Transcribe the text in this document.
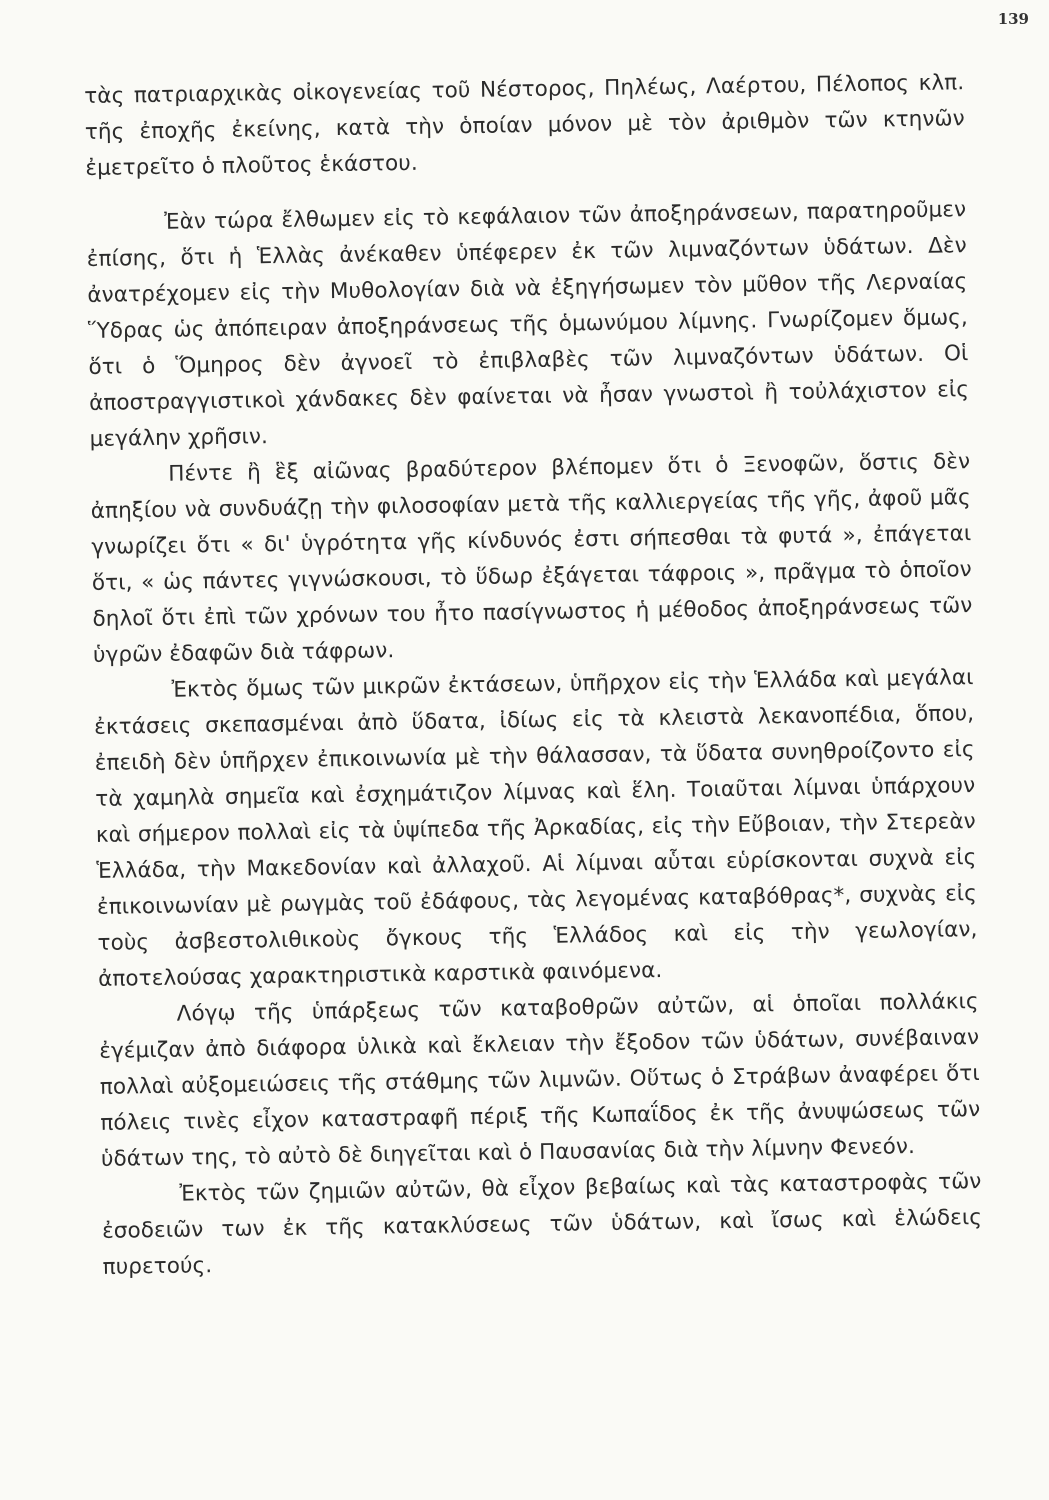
139

τὰς πατριαρχικὰς οἰκογενείας τοῦ Νέστορος, Πηλέως, Λαέρτου, Πέλοπος κλπ. τῆς ἐποχῆς ἐκείνης, κατὰ τὴν ὁποίαν μόνον μὲ τὸν ἀριθμὸν τῶν κτηνῶν ἐμετρεῖτο ὁ πλοῦτος ἑκάστου.

Ἐὰν τώρα ἔλθωμεν εἰς τὸ κεφάλαιον τῶν ἀποξηράνσεων, παρατηροῦμεν ἐπίσης, ὅτι ἡ Ἑλλὰς ἀνέκαθεν ὑπέφερεν ἐκ τῶν λιμναζόντων ὑδάτων. Δὲν ἀνατρέχομεν εἰς τὴν Μυθολογίαν διὰ νὰ ἐξηγήσωμεν τὸν μῦθον τῆς Λερναίας Ὕδρας ὡς ἀπόπειραν ἀποξηράνσεως τῆς ὁμωνύμου λίμνης. Γνωρίζομεν ὅμως, ὅτι ὁ Ὅμηρος δὲν ἀγνοεῖ τὸ ἐπιβλαβὲς τῶν λιμναζόντων ὑδάτων. Οἱ ἀποστραγγιστικοὶ χάνδακες δὲν φαίνεται νὰ ἦσαν γνωστοὶ ἢ τοὐλάχιστον εἰς μεγάλην χρῆσιν.

Πέντε ἢ ἓξ αἰῶνας βραδύτερον βλέπομεν ὅτι ὁ Ξενοφῶν, ὅστις δὲν ἀπηξίου νὰ συνδυάζῃ τὴν φιλοσοφίαν μετὰ τῆς καλλιεργείας τῆς γῆς, ἀφοῦ μᾶς γνωρίζει ὅτι « δι' ὑγρότητα γῆς κίνδυνός ἐστι σήπεσθαι τὰ φυτά », ἐπάγεται ὅτι, « ὡς πάντες γιγνώσκουσι, τὸ ὕδωρ ἐξάγεται τάφροις », πρᾶγμα τὸ ὁποῖον δηλοῖ ὅτι ἐπὶ τῶν χρόνων του ἦτο πασίγνωστος ἡ μέθοδος ἀποξηράνσεως τῶν ὑγρῶν ἐδαφῶν διὰ τάφρων.

Ἐκτὸς ὅμως τῶν μικρῶν ἐκτάσεων, ὑπῆρχον εἰς τὴν Ἑλλάδα καὶ μεγάλαι ἐκτάσεις σκεπασμέναι ἀπὸ ὕδατα, ἰδίως εἰς τὰ κλειστὰ λεκανοπέδια, ὅπου, ἐπειδὴ δὲν ὑπῆρχεν ἐπικοινωνία μὲ τὴν θάλασσαν, τὰ ὕδατα συνηθροίζοντο εἰς τὰ χαμηλὰ σημεῖα καὶ ἐσχημάτιζον λίμνας καὶ ἕλη. Τοιαῦται λίμναι ὑπάρχουν καὶ σήμερον πολλαὶ εἰς τὰ ὑψίπεδα τῆς Ἀρκαδίας, εἰς τὴν Εὔβοιαν, τὴν Στερεὰν Ἑλλάδα, τὴν Μακεδονίαν καὶ ἀλλαχοῦ. Αἱ λίμναι αὗται εὑρίσκονται συχνὰ εἰς ἐπικοινωνίαν μὲ ρωγμὰς τοῦ ἐδάφους, τὰς λεγομένας καταβόθρας*, συχνὰς εἰς τοὺς ἀσβεστολιθικοὺς ὄγκους τῆς Ἑλλάδος καὶ εἰς τὴν γεωλογίαν, ἀποτελούσας χαρακτηριστικὰ καρστικὰ φαινόμενα.

Λόγῳ τῆς ὑπάρξεως τῶν καταβοθρῶν αὐτῶν, αἱ ὁποῖαι πολλάκις ἐγέμιζαν ἀπὸ διάφορα ὑλικὰ καὶ ἔκλειαν τὴν ἔξοδον τῶν ὑδάτων, συνέβαιναν πολλαὶ αὐξομειώσεις τῆς στάθμης τῶν λιμνῶν. Οὕτως ὁ Στράβων ἀναφέρει ὅτι πόλεις τινὲς εἶχον καταστραφῆ πέριξ τῆς Κωπαΐδος ἐκ τῆς ἀνυψώσεως τῶν ὑδάτων της, τὸ αὐτὸ δὲ διηγεῖται καὶ ὁ Παυσανίας διὰ τὴν λίμνην Φενεόν.

Ἐκτὸς τῶν ζημιῶν αὐτῶν, θὰ εἶχον βεβαίως καὶ τὰς καταστροφὰς τῶν ἐσοδειῶν των ἐκ τῆς κατακλύσεως τῶν ὑδάτων, καὶ ἴσως καὶ ἑλώδεις πυρετούς.
